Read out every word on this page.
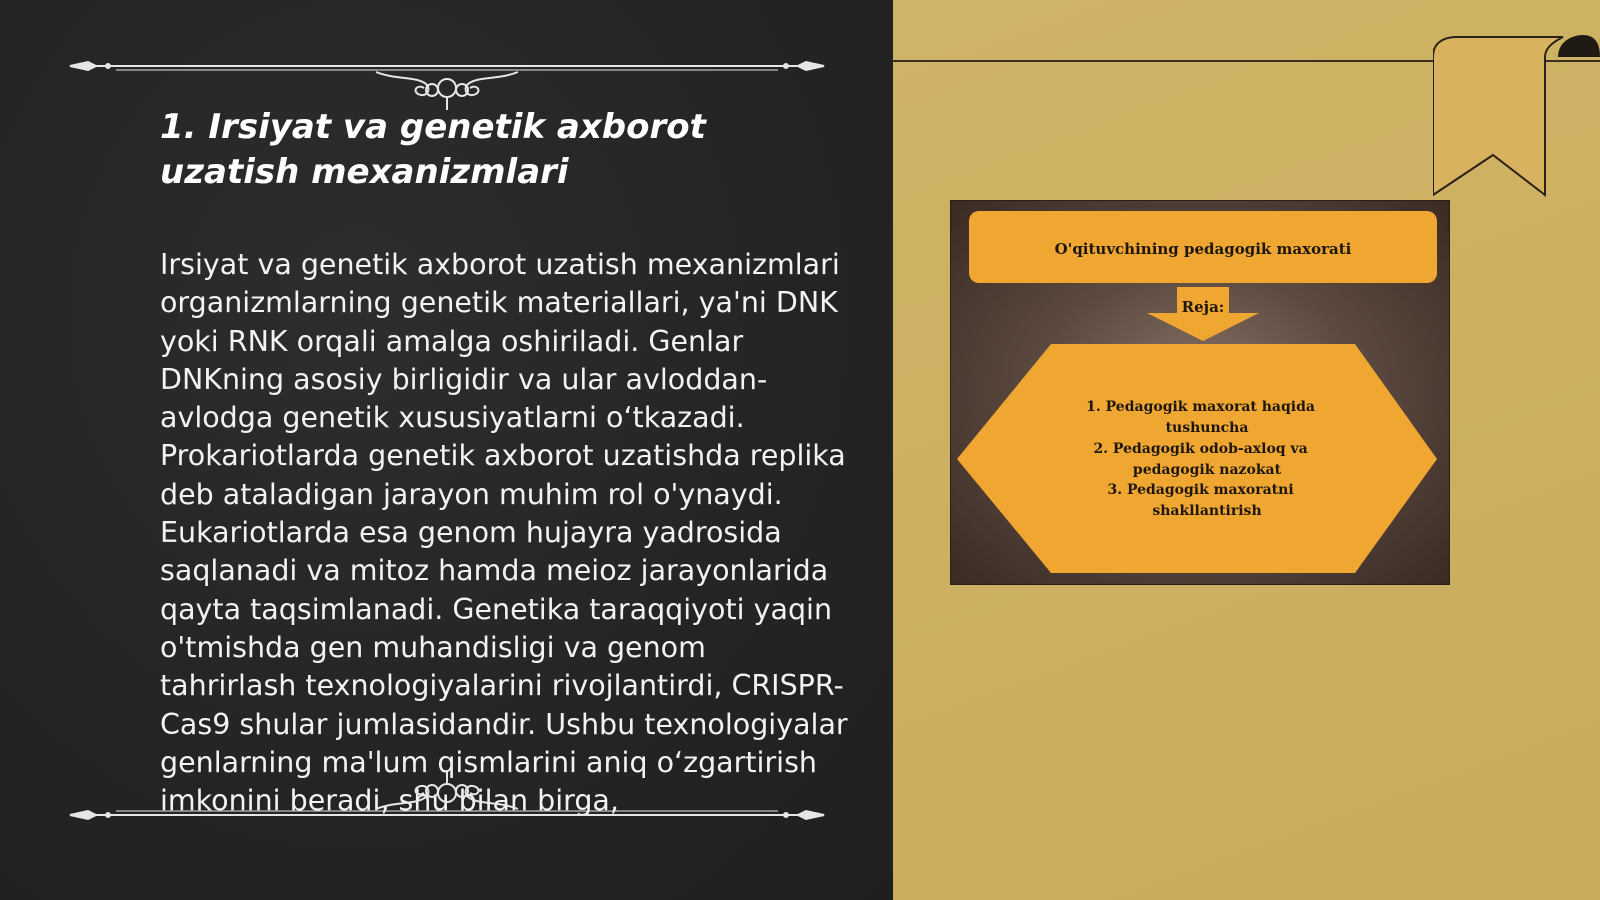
1. Irsiyat va genetik axborot uzatish mexanizmlari

Irsiyat va genetik axborot uzatish mexanizmlari organizmlarning genetik materiallari, ya'ni DNK yoki RNK orqali amalga oshiriladi. Genlar DNKning asosiy birligidir va ular avloddan-avlodga genetik xususiyatlarni o‘tkazadi. Prokariotlarda genetik axborot uzatishda replika deb ataladigan jarayon muhim rol o'ynaydi. Eukariotlarda esa genom hujayra yadrosida saqlanadi va mitoz hamda meioz jarayonlarida qayta taqsimlanadi. Genetika taraqqiyoti yaqin o'tmishda gen muhandisligi va genom tahrirlash texnologiyalarini rivojlantirdi, CRISPR-Cas9 shular jumlasidandir. Ushbu texnologiyalar genlarning ma'lum qismlarini aniq o‘zgartirish imkonini beradi, shu bilan birga,

O'qituvchining pedagogik maxorati
Reja:
1. Pedagogik maxorat haqida tushuncha
2. Pedagogik odob-axloq va pedagogik nazokat
3. Pedagogik maxoratni shakllantirish
